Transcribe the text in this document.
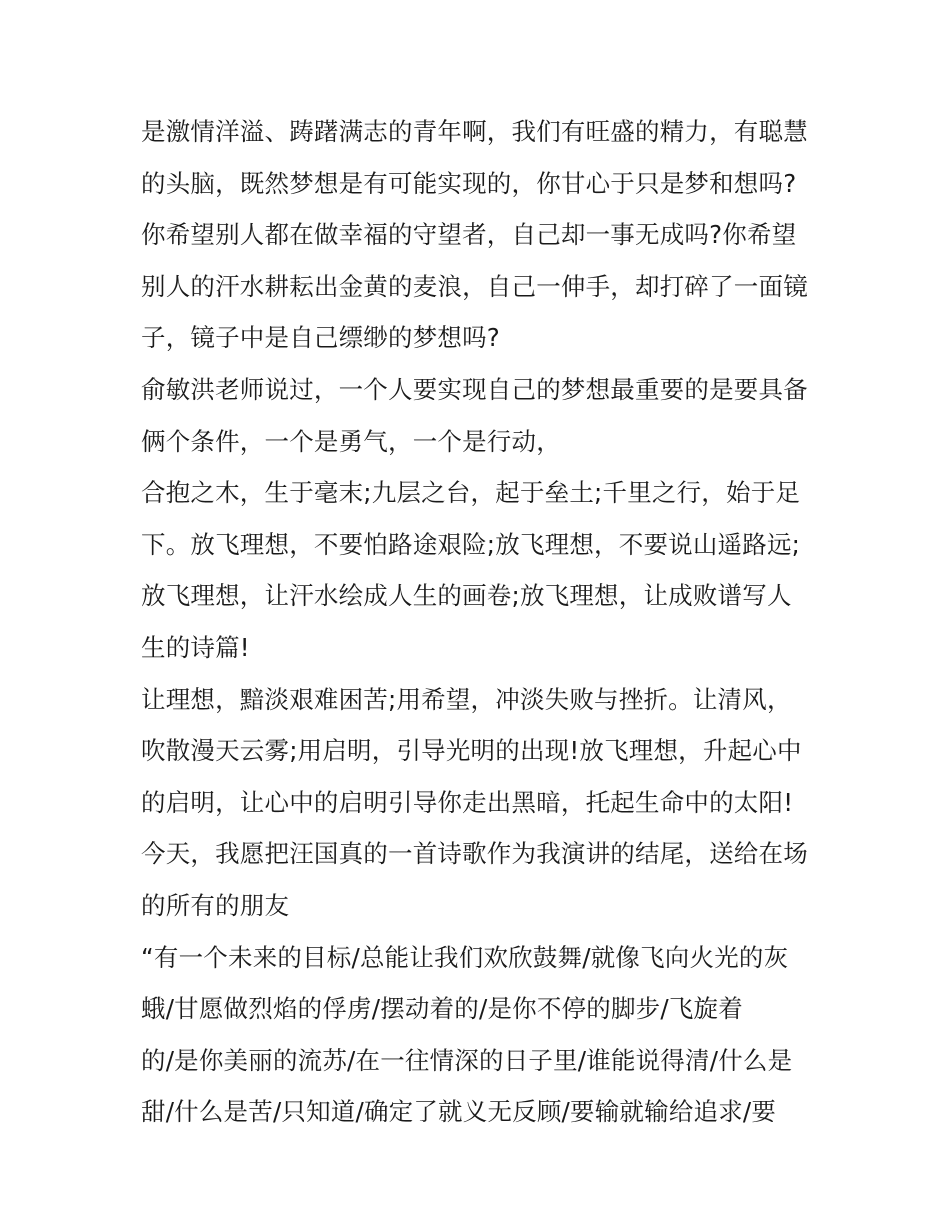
是激情洋溢、踌躇满志的青年啊，我们有旺盛的精力，有聪慧
的头脑，既然梦想是有可能实现的，你甘心于只是梦和想吗?
你希望别人都在做幸福的守望者，自己却一事无成吗?你希望
别人的汗水耕耘出金黄的麦浪，自己一伸手，却打碎了一面镜
子，镜子中是自己缥缈的梦想吗?
俞敏洪老师说过，一个人要实现自己的梦想最重要的是要具备
俩个条件，一个是勇气，一个是行动，
合抱之木，生于毫末;九层之台，起于垒土;千里之行，始于足
下。放飞理想，不要怕路途艰险;放飞理想，不要说山遥路远;
放飞理想，让汗水绘成人生的画卷;放飞理想，让成败谱写人
生的诗篇!
让理想，黯淡艰难困苦;用希望，冲淡失败与挫折。让清风，
吹散漫天云雾;用启明，引导光明的出现!放飞理想，升起心中
的启明，让心中的启明引导你走出黑暗，托起生命中的太阳!
今天，我愿把汪国真的一首诗歌作为我演讲的结尾，送给在场
的所有的朋友
“有一个未来的目标/总能让我们欢欣鼓舞/就像飞向火光的灰
蛾/甘愿做烈焰的俘虏/摆动着的/是你不停的脚步/飞旋着
的/是你美丽的流苏/在一往情深的日子里/谁能说得清/什么是
甜/什么是苦/只知道/确定了就义无反顾/要输就输给追求/要
